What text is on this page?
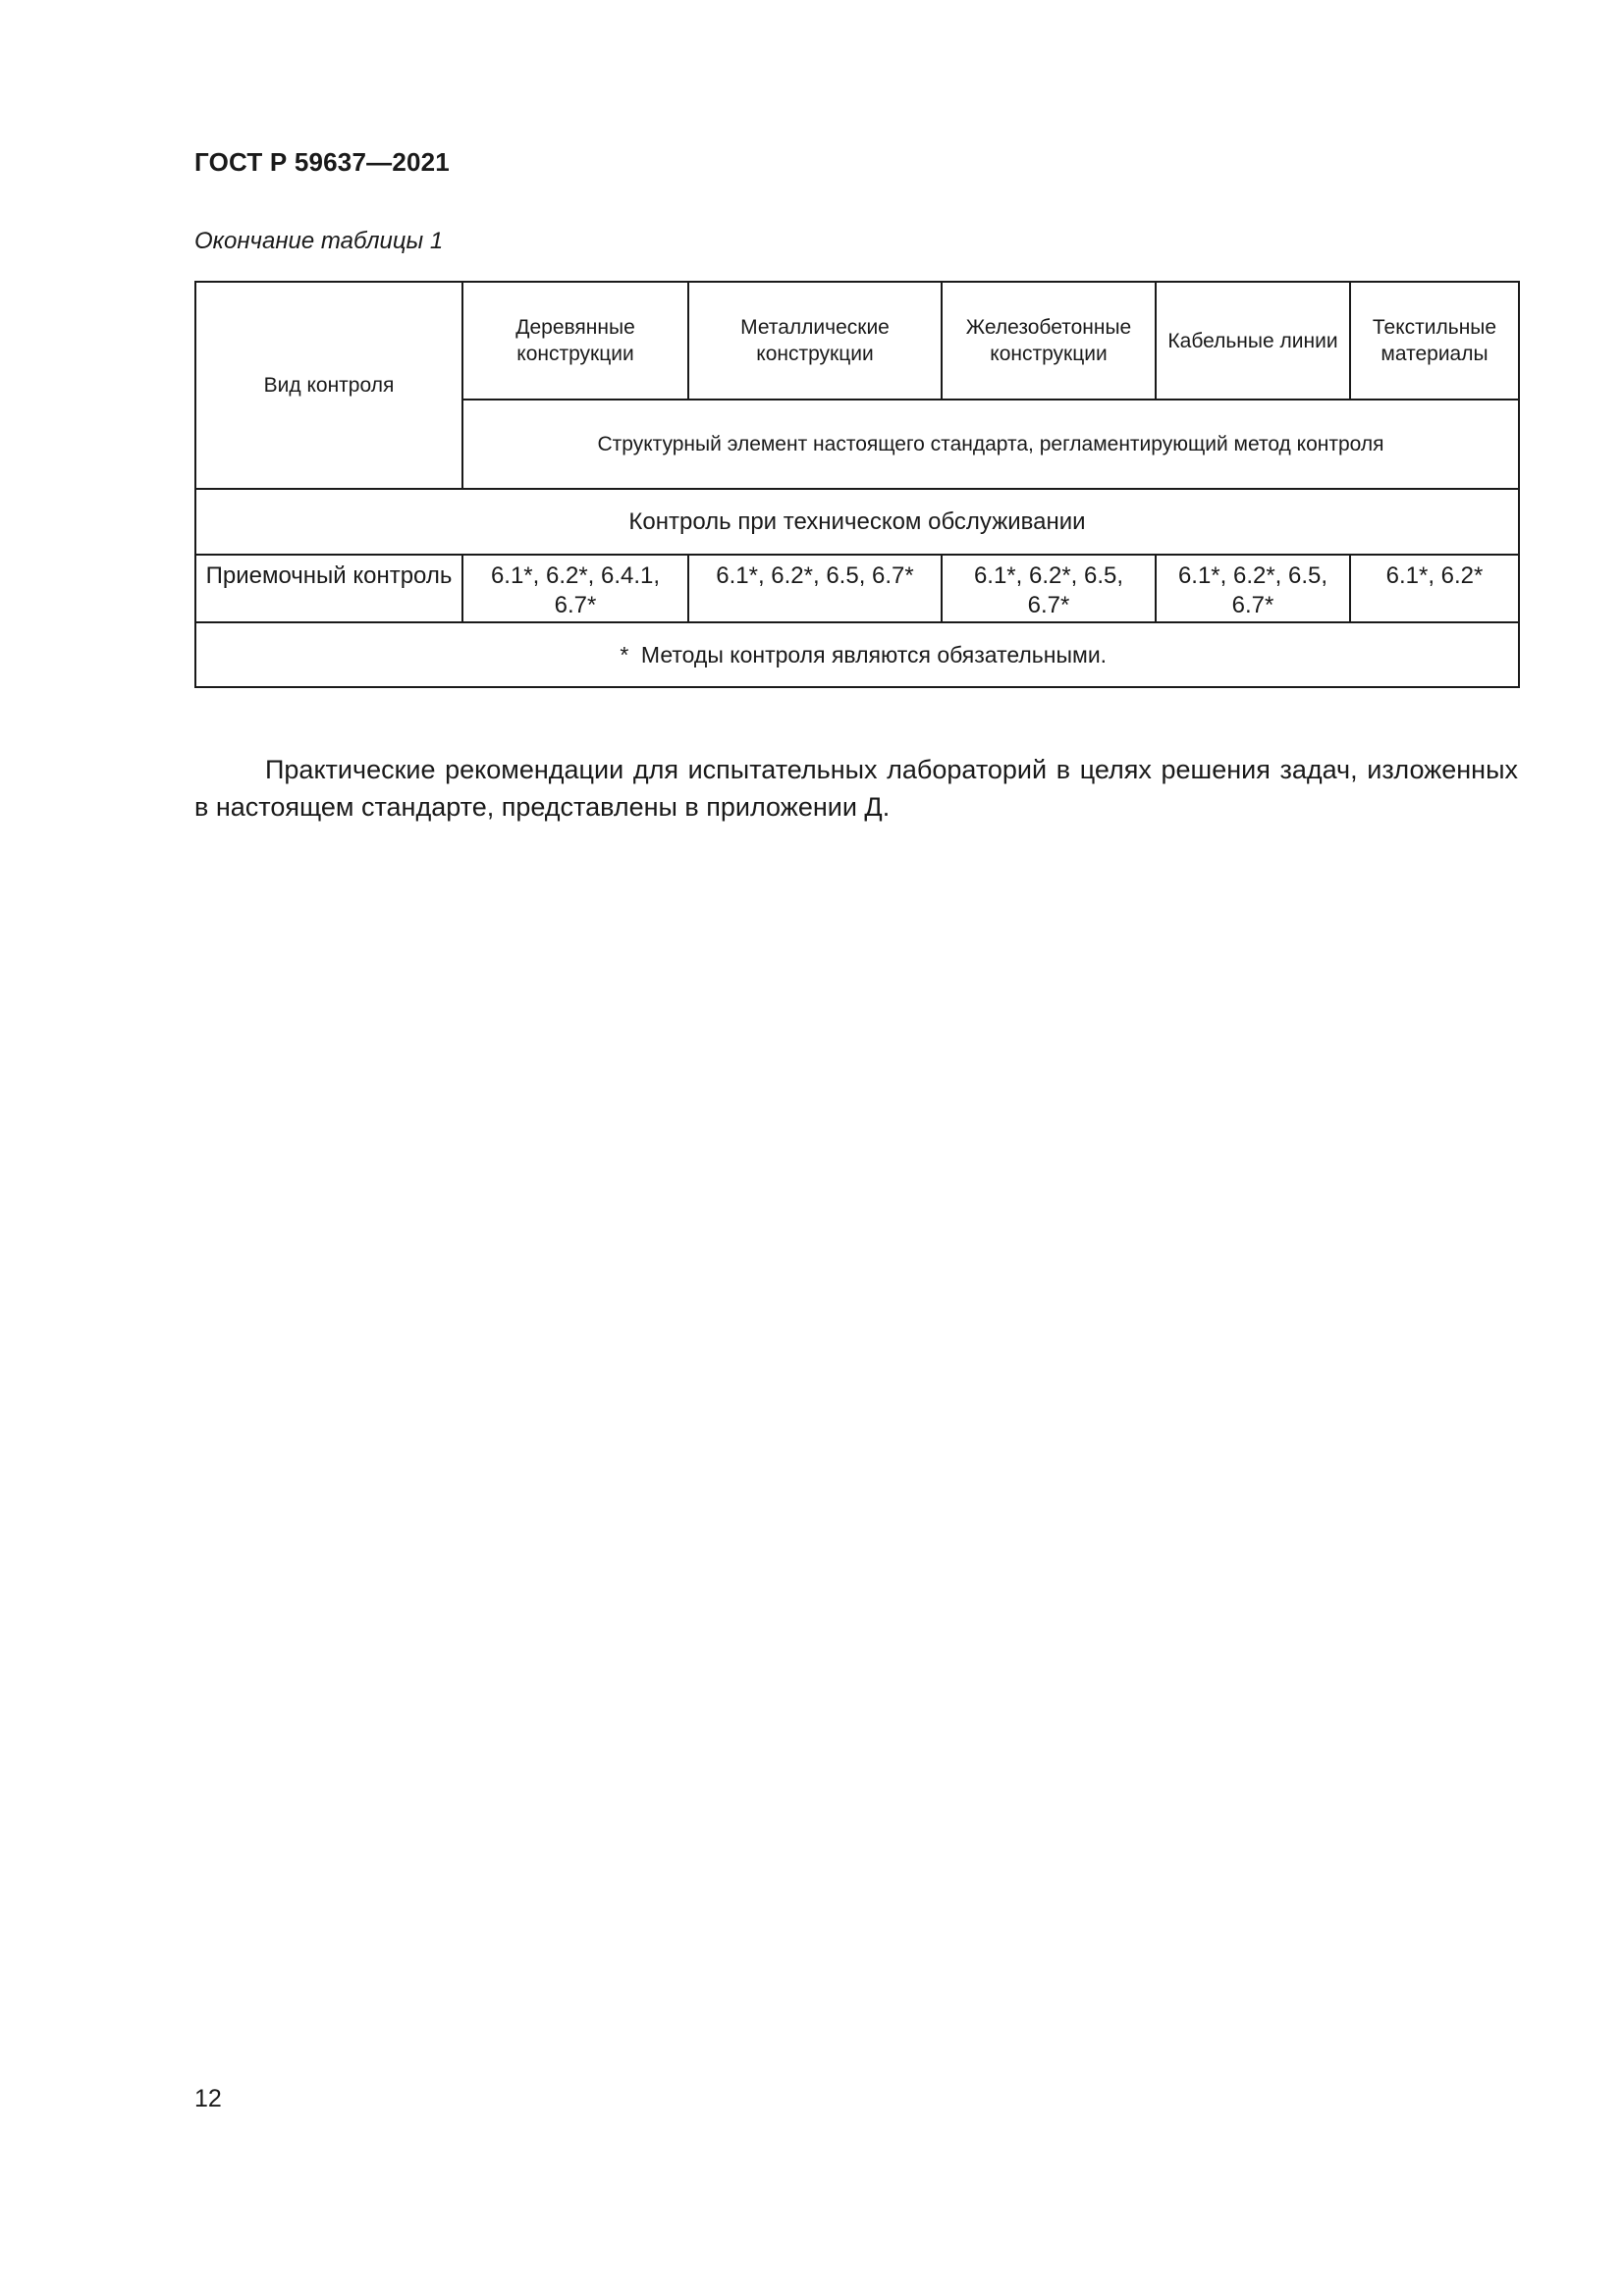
ГОСТ Р 59637—2021
Окончание таблицы 1
Вид контроля	Деревянные конструкции	Металлические конструкции	Железобетонные конструкции	Кабельные линии	Текстильные материалы
	Структурный элемент настоящего стандарта, регламентирующий метод контроля				
Контроль при техническом обслуживании					
Приемочный контроль	6.1*, 6.2*, 6.4.1, 6.7*	6.1*, 6.2*, 6.5, 6.7*	6.1*, 6.2*, 6.5, 6.7*	6.1*, 6.2*, 6.5, 6.7*	6.1*, 6.2*
* Методы контроля являются обязательными.					

Практические рекомендации для испытательных лабораторий в целях решения задач, изложенных в настоящем стандарте, представлены в приложении Д.

12
